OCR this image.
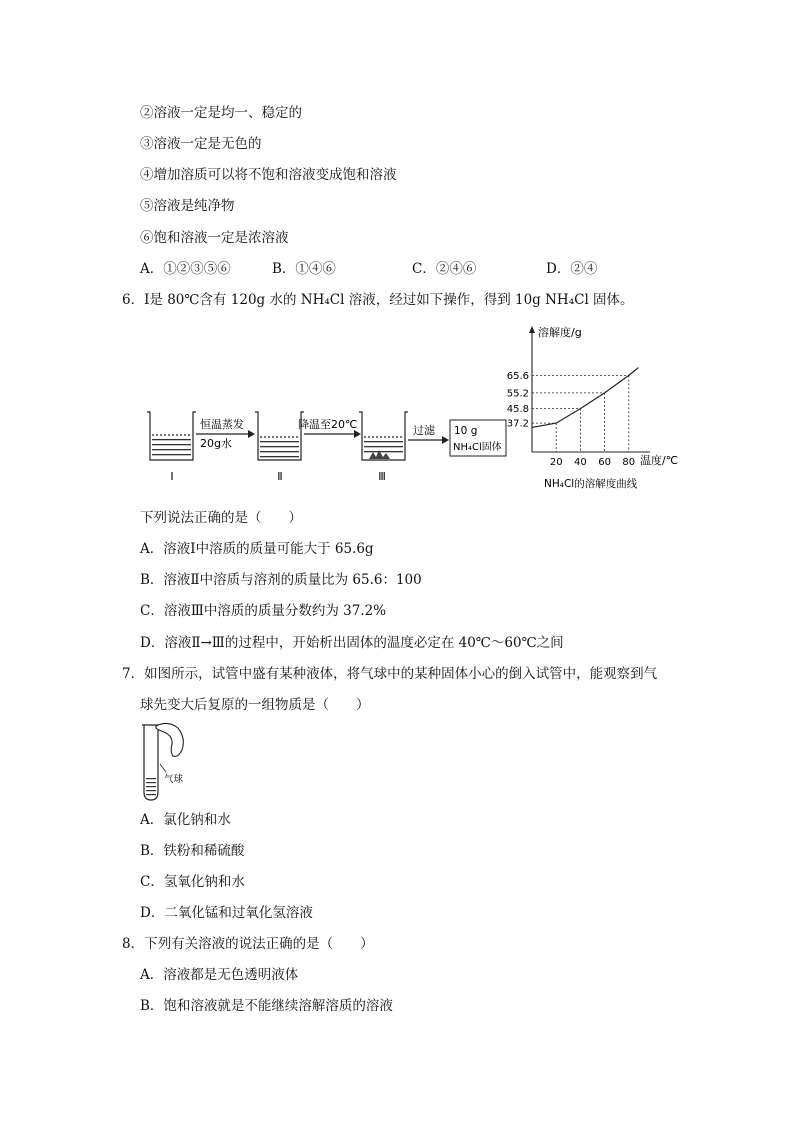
②溶液一定是均一、稳定的
③溶液一定是无色的
④增加溶质可以将不饱和溶液变成饱和溶液
⑤溶液是纯净物
⑥饱和溶液一定是浓溶液
A．①②③⑤⑥	B．①④⑥	C．②④⑥	D．②④
6．Ⅰ是 80℃含有 120g 水的 NH₄Cl 溶液，经过如下操作，得到 10g NH₄Cl 固体。
Ⅰ
恒温蒸发
20g水
Ⅱ
降温至20℃
Ⅲ
过滤 10 g
NH₄Cl固体
65.6
55.2
45.8
37.2
20 40 60 80
溶解度/g
温度/℃
NH₄Cl的溶解度曲线
下列说法正确的是（　　）
A．溶液Ⅰ中溶质的质量可能大于 65.6g
B．溶液Ⅱ中溶质与溶剂的质量比为 65.6：100
C．溶液Ⅲ中溶质的质量分数约为 37.2%
D．溶液Ⅱ→Ⅲ的过程中，开始析出固体的温度必定在 40℃～60℃之间
7．如图所示，试管中盛有某种液体，将气球中的某种固体小心的倒入试管中，能观察到气
球先变大后复原的一组物质是（　　）
气球
A．氯化钠和水
B．铁粉和稀硫酸
C．氢氧化钠和水
D．二氧化锰和过氧化氢溶液
8．下列有关溶液的说法正确的是（　　）
A．溶液都是无色透明液体
B．饱和溶液就是不能继续溶解溶质的溶液
